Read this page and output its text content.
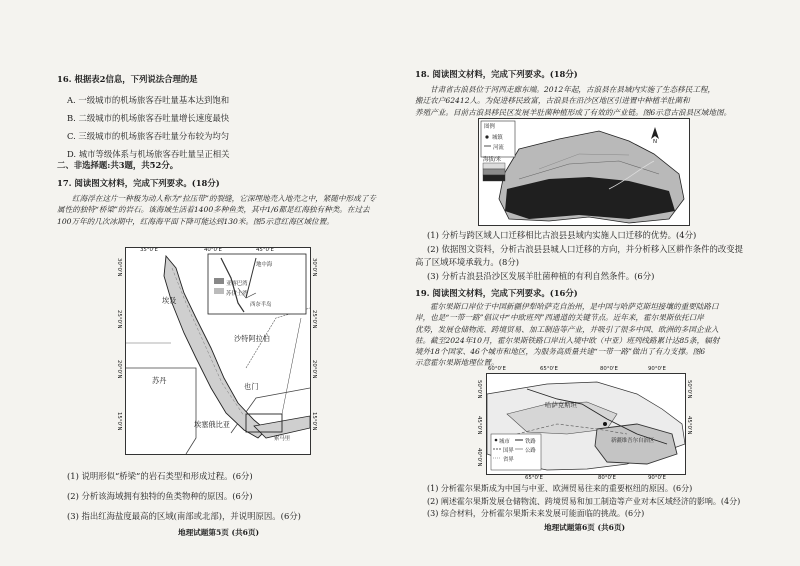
16. 根据表2信息，下列说法合理的是
A. 一级城市的机场旅客吞吐量基本达到饱和
B. 二级城市的机场旅客吞吐量增长速度最快
C. 三级城市的机场旅客吞吐量分布较为均匀
D. 城市等级体系与机场旅客吞吐量呈正相关
二、非选择题:共3题，共52分。
17. 阅读图文材料，完成下列要求。(18分)
红海浮在这片一种极为动人称为“拉压带”的裂缝，它深埋地壳入地壳之中，紧随中形成了专
属性的独特“桥梁”的岩石。该海域生活着1400多种鱼类，其中1/6都是红海独有种类。在过去
100万年的几次冰期中，红海海平面下降可能达到130米。图5示意红海区域位置。
35°0'E	40°0'E	45°0'E
埃及
苏丹
沙特阿拉伯
埃塞俄比亚
也门
索马里
地中海
亚喀巴湾
苏伊士湾
西奈半岛
30°0'N
25°0'N
20°0'N
15°0'N
30°0'N
25°0'N
20°0'N
15°0'N
(1) 说明形似“桥梁”的岩石类型和形成过程。(6分)
(2) 分析该海域拥有独特的鱼类物种的原因。(6分)
(3) 指出红海盐度最高的区域(南部或北部)，并说明原因。(6分)
地理试题第5页 (共6页)
18. 阅读图文材料，完成下列要求。(18分)
甘肃省古浪县位于河西走廊东端。2012年起，古浪县在县域内实施了生态移民工程，
搬迁农户62412人。为促进移民致富，古浪县在沿沙区地区引进置中种植羊肚菌和
养殖产业。目前古浪县移民区发展羊肚菌种植形成了有效的产业链。图6示意古浪县区域地图。
图例
城镇
河流
海拔/米
N
(1) 分析与跨区域人口迁移相比古浪县县域内实施人口迁移的优势。(4分)
(2) 依据图文资料，分析古浪县县城人口迁移的方向，并分析移入区耕作条件的改变提
高了区域环境承载力。(8分)
(3) 分析古浪县沿沙区发展羊肚菌种植的有利自然条件。(6分)
19. 阅读图文材料，完成下列要求。(16分)
霍尔果斯口岸位于中国新疆伊犁哈萨克自治州，是中国与哈萨克斯坦接壤的重要陆路口
岸，也是“一带一路”倡议中“中欧班列”西通道的关键节点。近年来，霍尔果斯依托口岸
优势，发展仓储物流、跨境贸易、加工制造等产业，并吸引了很多中国、欧洲的多国企业入
驻。截至2024年10月，霍尔果斯铁路口岸出入境中欧（中亚）班列线路累计达85条，辐射
境外18个国家、46个城市和地区，为服务高质量共建“一带一路”做出了有力支撑。图6
示意霍尔果斯地理位置。
哈萨克斯坦
新疆维吾尔自治区
城市	铁路
国界 公路
省界
60°0'E	65°0'E	80°0'E	90°0'E
50°0'N
45°0'N
40°0'N
50°0'N
45°0'N
65°0'E	80°0'E	90°0'E
(1) 分析霍尔果斯成为中国与中亚、欧洲贸易往来的重要枢纽的原因。(6分)
(2) 阐述霍尔果斯发展仓储物流、跨境贸易和加工制造等产业对本区域经济的影响。(4分)
(3) 综合材料，分析霍尔果斯未来发展可能面临的挑战。(6分)
地理试题第6页 (共6页)
